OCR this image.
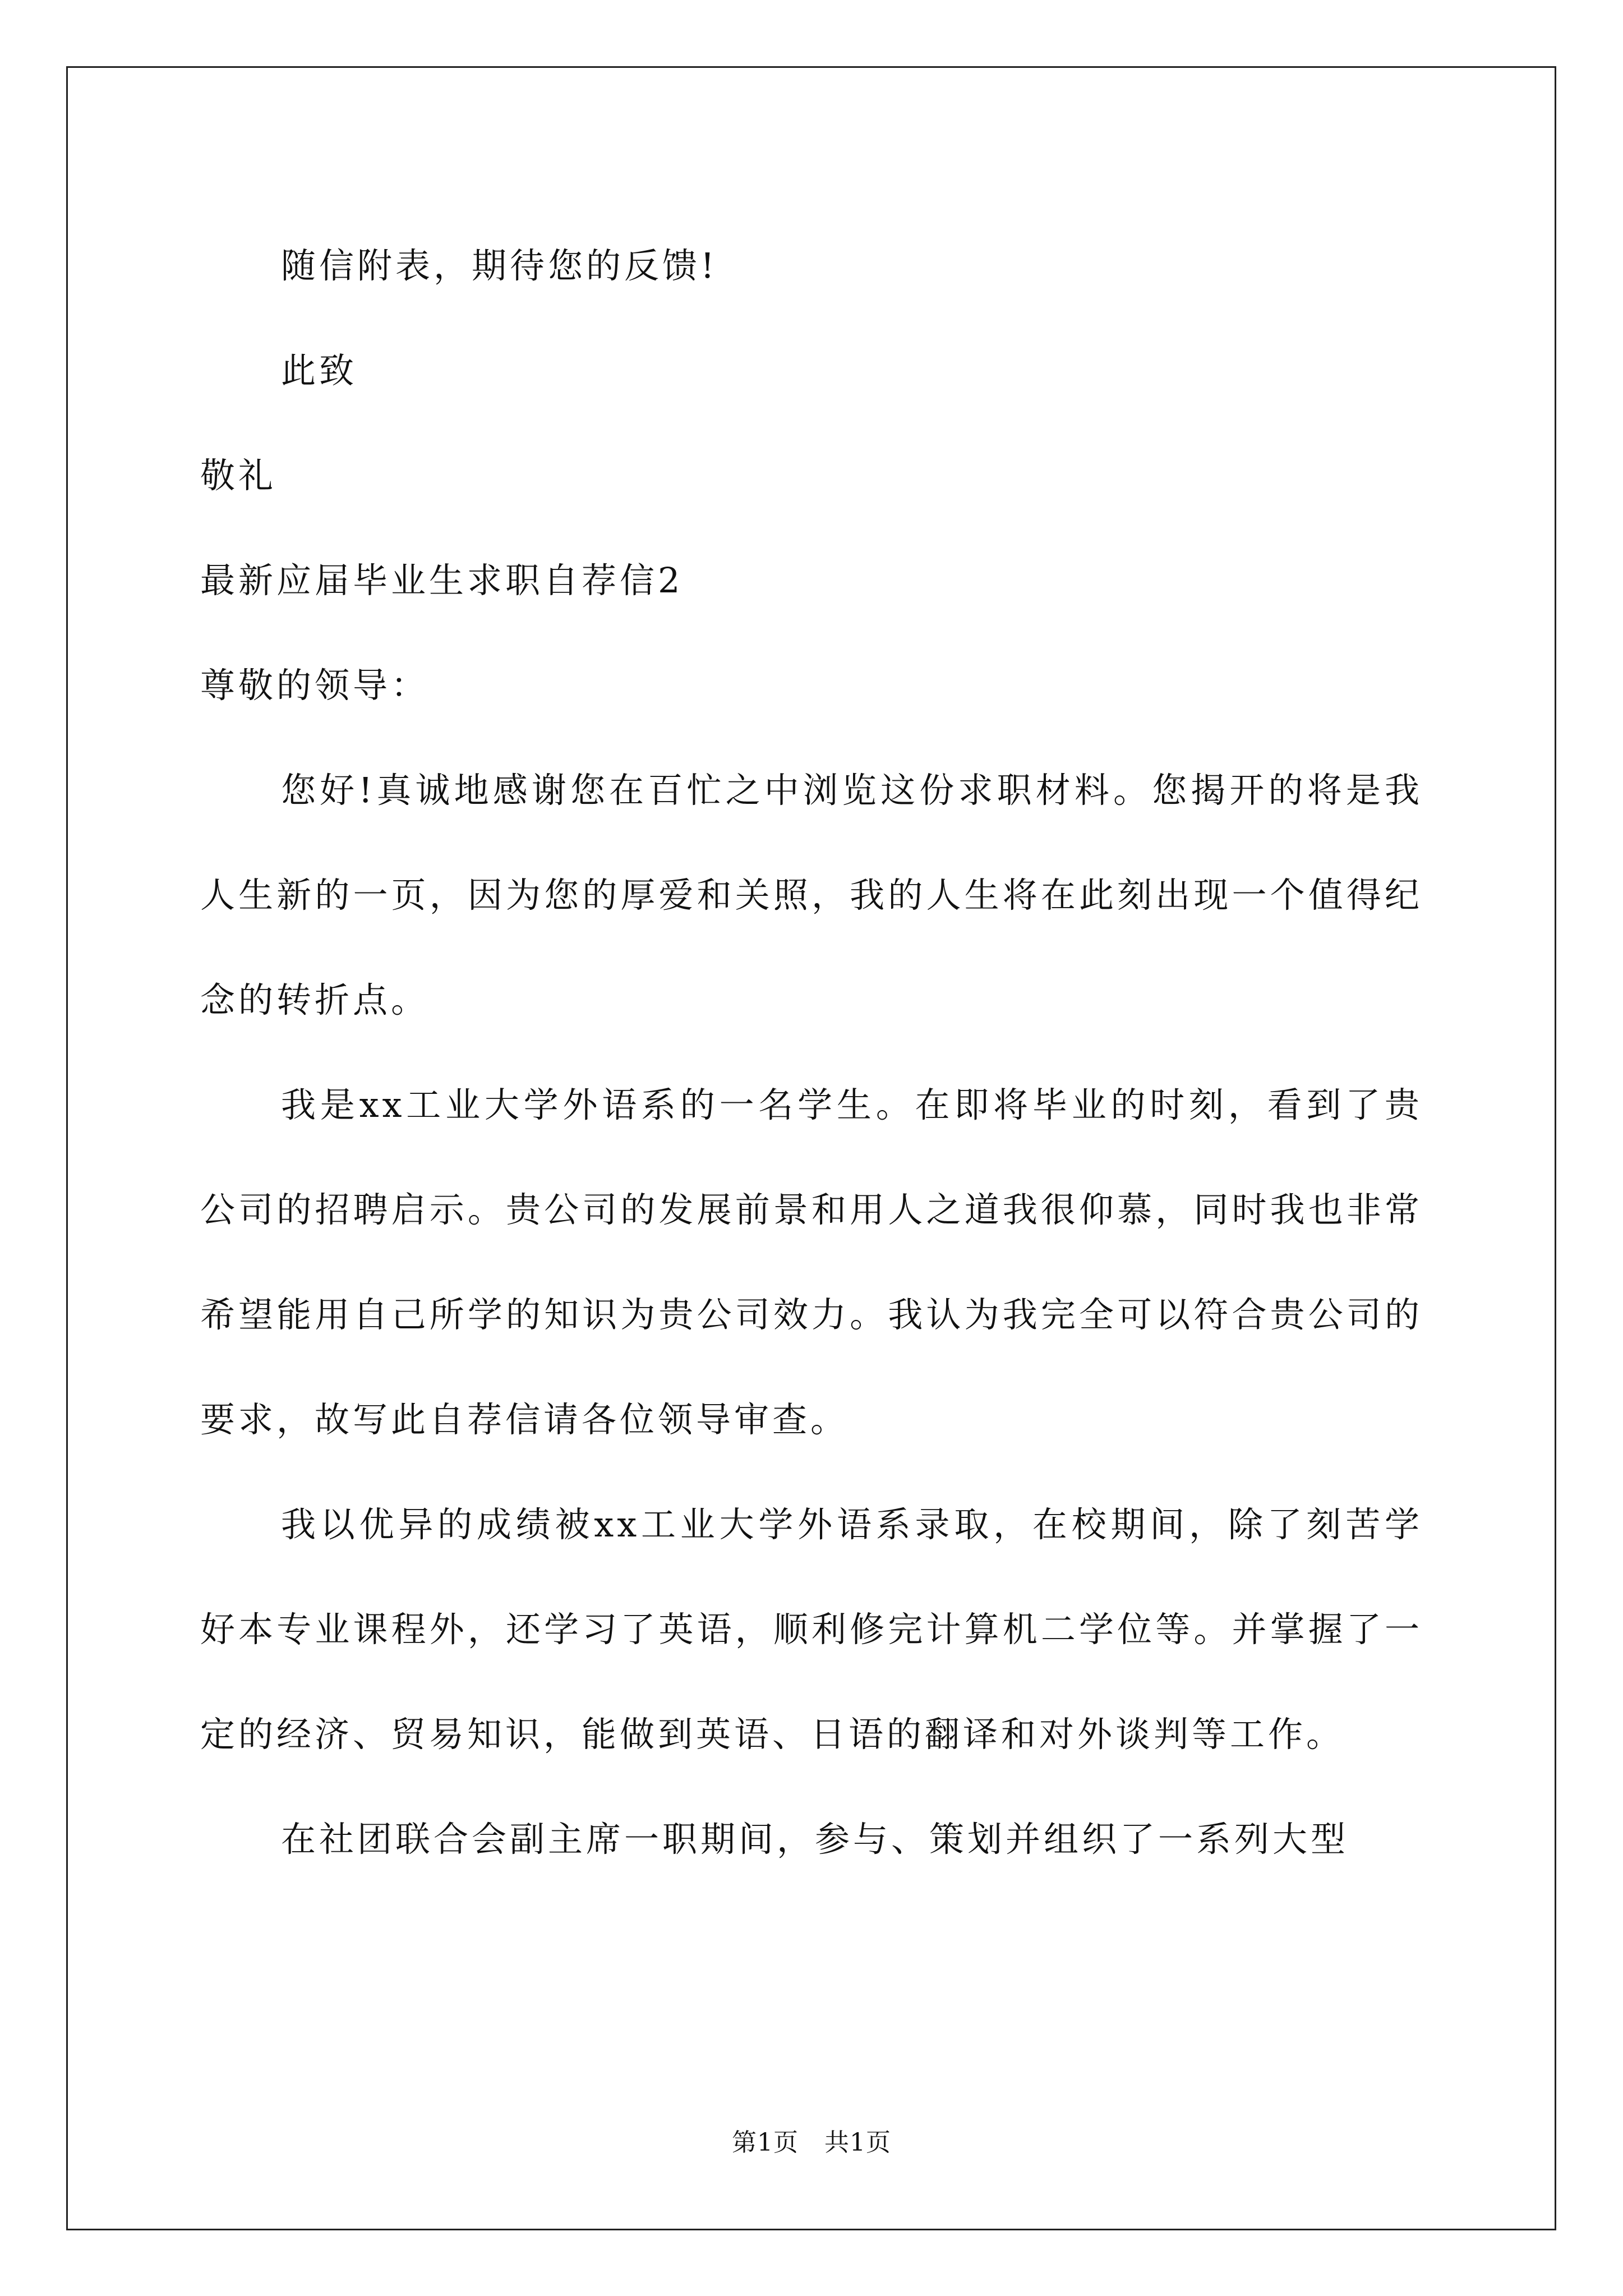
随信附表，期待您的反馈!
此致
敬礼
最新应届毕业生求职自荐信2
尊敬的领导：
您好!真诚地感谢您在百忙之中浏览这份求职材料。您揭开的将是我人生新的一页，因为您的厚爱和关照，我的人生将在此刻出现一个值得纪念的转折点。
我是xx工业大学外语系的一名学生。在即将毕业的时刻，看到了贵公司的招聘启示。贵公司的发展前景和用人之道我很仰慕，同时我也非常希望能用自己所学的知识为贵公司效力。我认为我完全可以符合贵公司的要求，故写此自荐信请各位领导审查。
我以优异的成绩被xx工业大学外语系录取，在校期间，除了刻苦学好本专业课程外，还学习了英语，顺利修完计算机二学位等。并掌握了一定的经济、贸易知识，能做到英语、日语的翻译和对外谈判等工作。
在社团联合会副主席一职期间，参与、策划并组织了一系列大型
第1页 共1页
